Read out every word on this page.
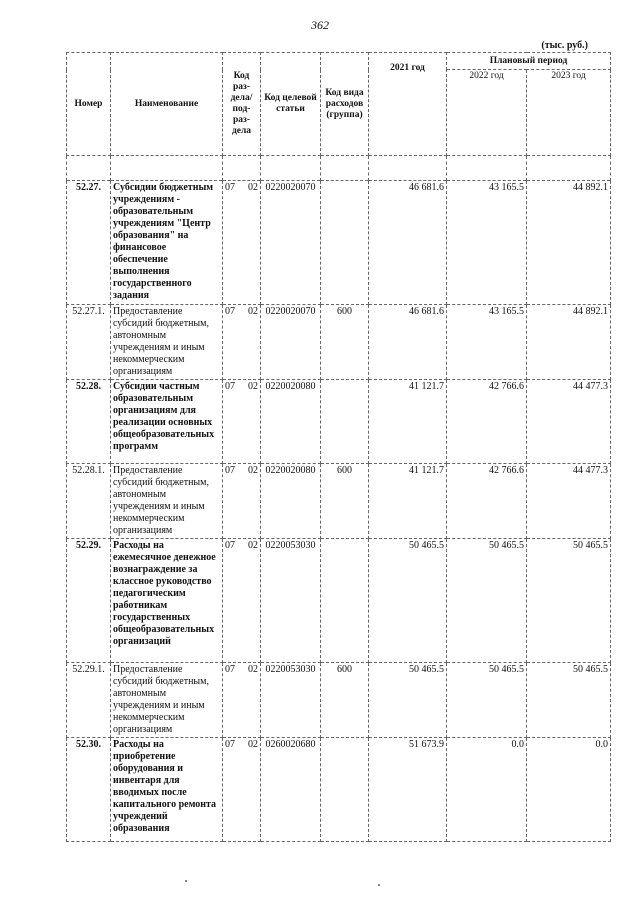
362
(тыс. руб.)
Номер	Наименование	Код раз-дела/ под-раз-дела	Код целевой статьи	Код вида расходов (группа)	2021 год	Плановый период	
						2022 год	2023 год

52.27.	Субсидии бюджетным учреждениям - образовательным учреждениям "Центр образования" на финансовое обеспечение выполнения государственного задания	07 02	0220020070		46 681.6	43 165.5	44 892.1
52.27.1.	Предоставление субсидий бюджетным, автономным учреждениям и иным некоммерческим организациям	07 02	0220020070	600	46 681.6	43 165.5	44 892.1
52.28.	Субсидии частным образовательным организациям для реализации основных общеобразовательных программ	07 02	0220020080		41 121.7	42 766.6	44 477.3
52.28.1.	Предоставление субсидий бюджетным, автономным учреждениям и иным некоммерческим организациям	07 02	0220020080	600	41 121.7	42 766.6	44 477.3
52.29.	Расходы на ежемесячное денежное вознаграждение за классное руководство педагогическим работникам государственных общеобразовательных организаций	07 02	0220053030		50 465.5	50 465.5	50 465.5
52.29.1.	Предоставление субсидий бюджетным, автономным учреждениям и иным некоммерческим организациям	07 02	0220053030	600	50 465.5	50 465.5	50 465.5
52.30.	Расходы на приобретение оборудования и инвентаря для вводимых после капитального ремонта учреждений образования	07 02	0260020680		51 673.9	0.0	0.0
